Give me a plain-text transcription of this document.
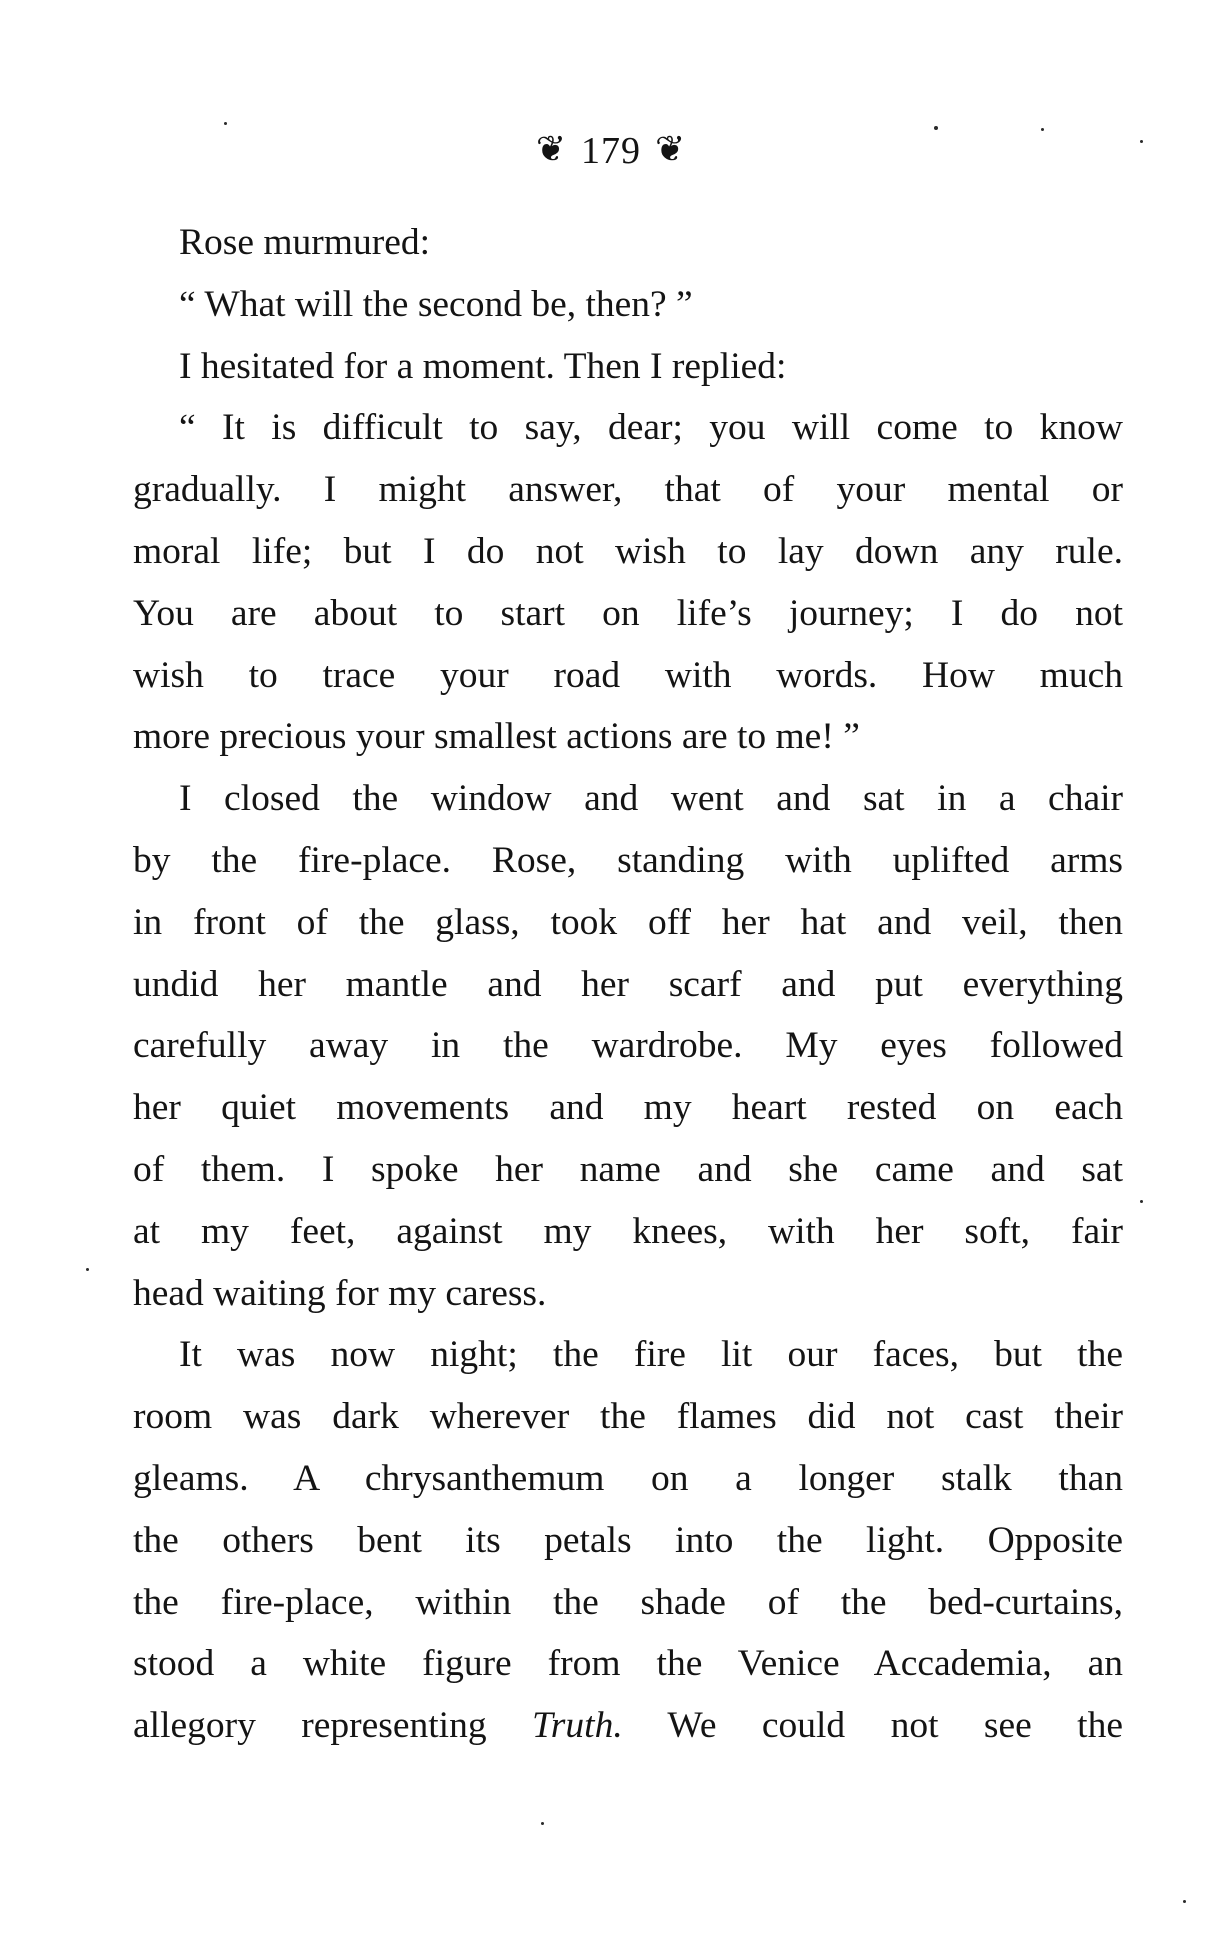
❦ 179 ❦
Rose murmured:
“ What will the second be, then? ”
I hesitated for a moment. Then I replied:
“ It is difficult to say, dear; you will come to know
gradually. I might answer, that of your mental or
moral life; but I do not wish to lay down any rule.
You are about to start on life’s journey; I do not
wish to trace your road with words. How much
more precious your smallest actions are to me! ”
I closed the window and went and sat in a chair
by the fire-place. Rose, standing with uplifted arms
in front of the glass, took off her hat and veil, then
undid her mantle and her scarf and put everything
carefully away in the wardrobe. My eyes followed
her quiet movements and my heart rested on each
of them. I spoke her name and she came and sat
at my feet, against my knees, with her soft, fair
head waiting for my caress.
It was now night; the fire lit our faces, but the
room was dark wherever the flames did not cast their
gleams. A chrysanthemum on a longer stalk than
the others bent its petals into the light. Opposite
the fire-place, within the shade of the bed-curtains,
stood a white figure from the Venice Accademia, an
allegory representing Truth. We could not see the
